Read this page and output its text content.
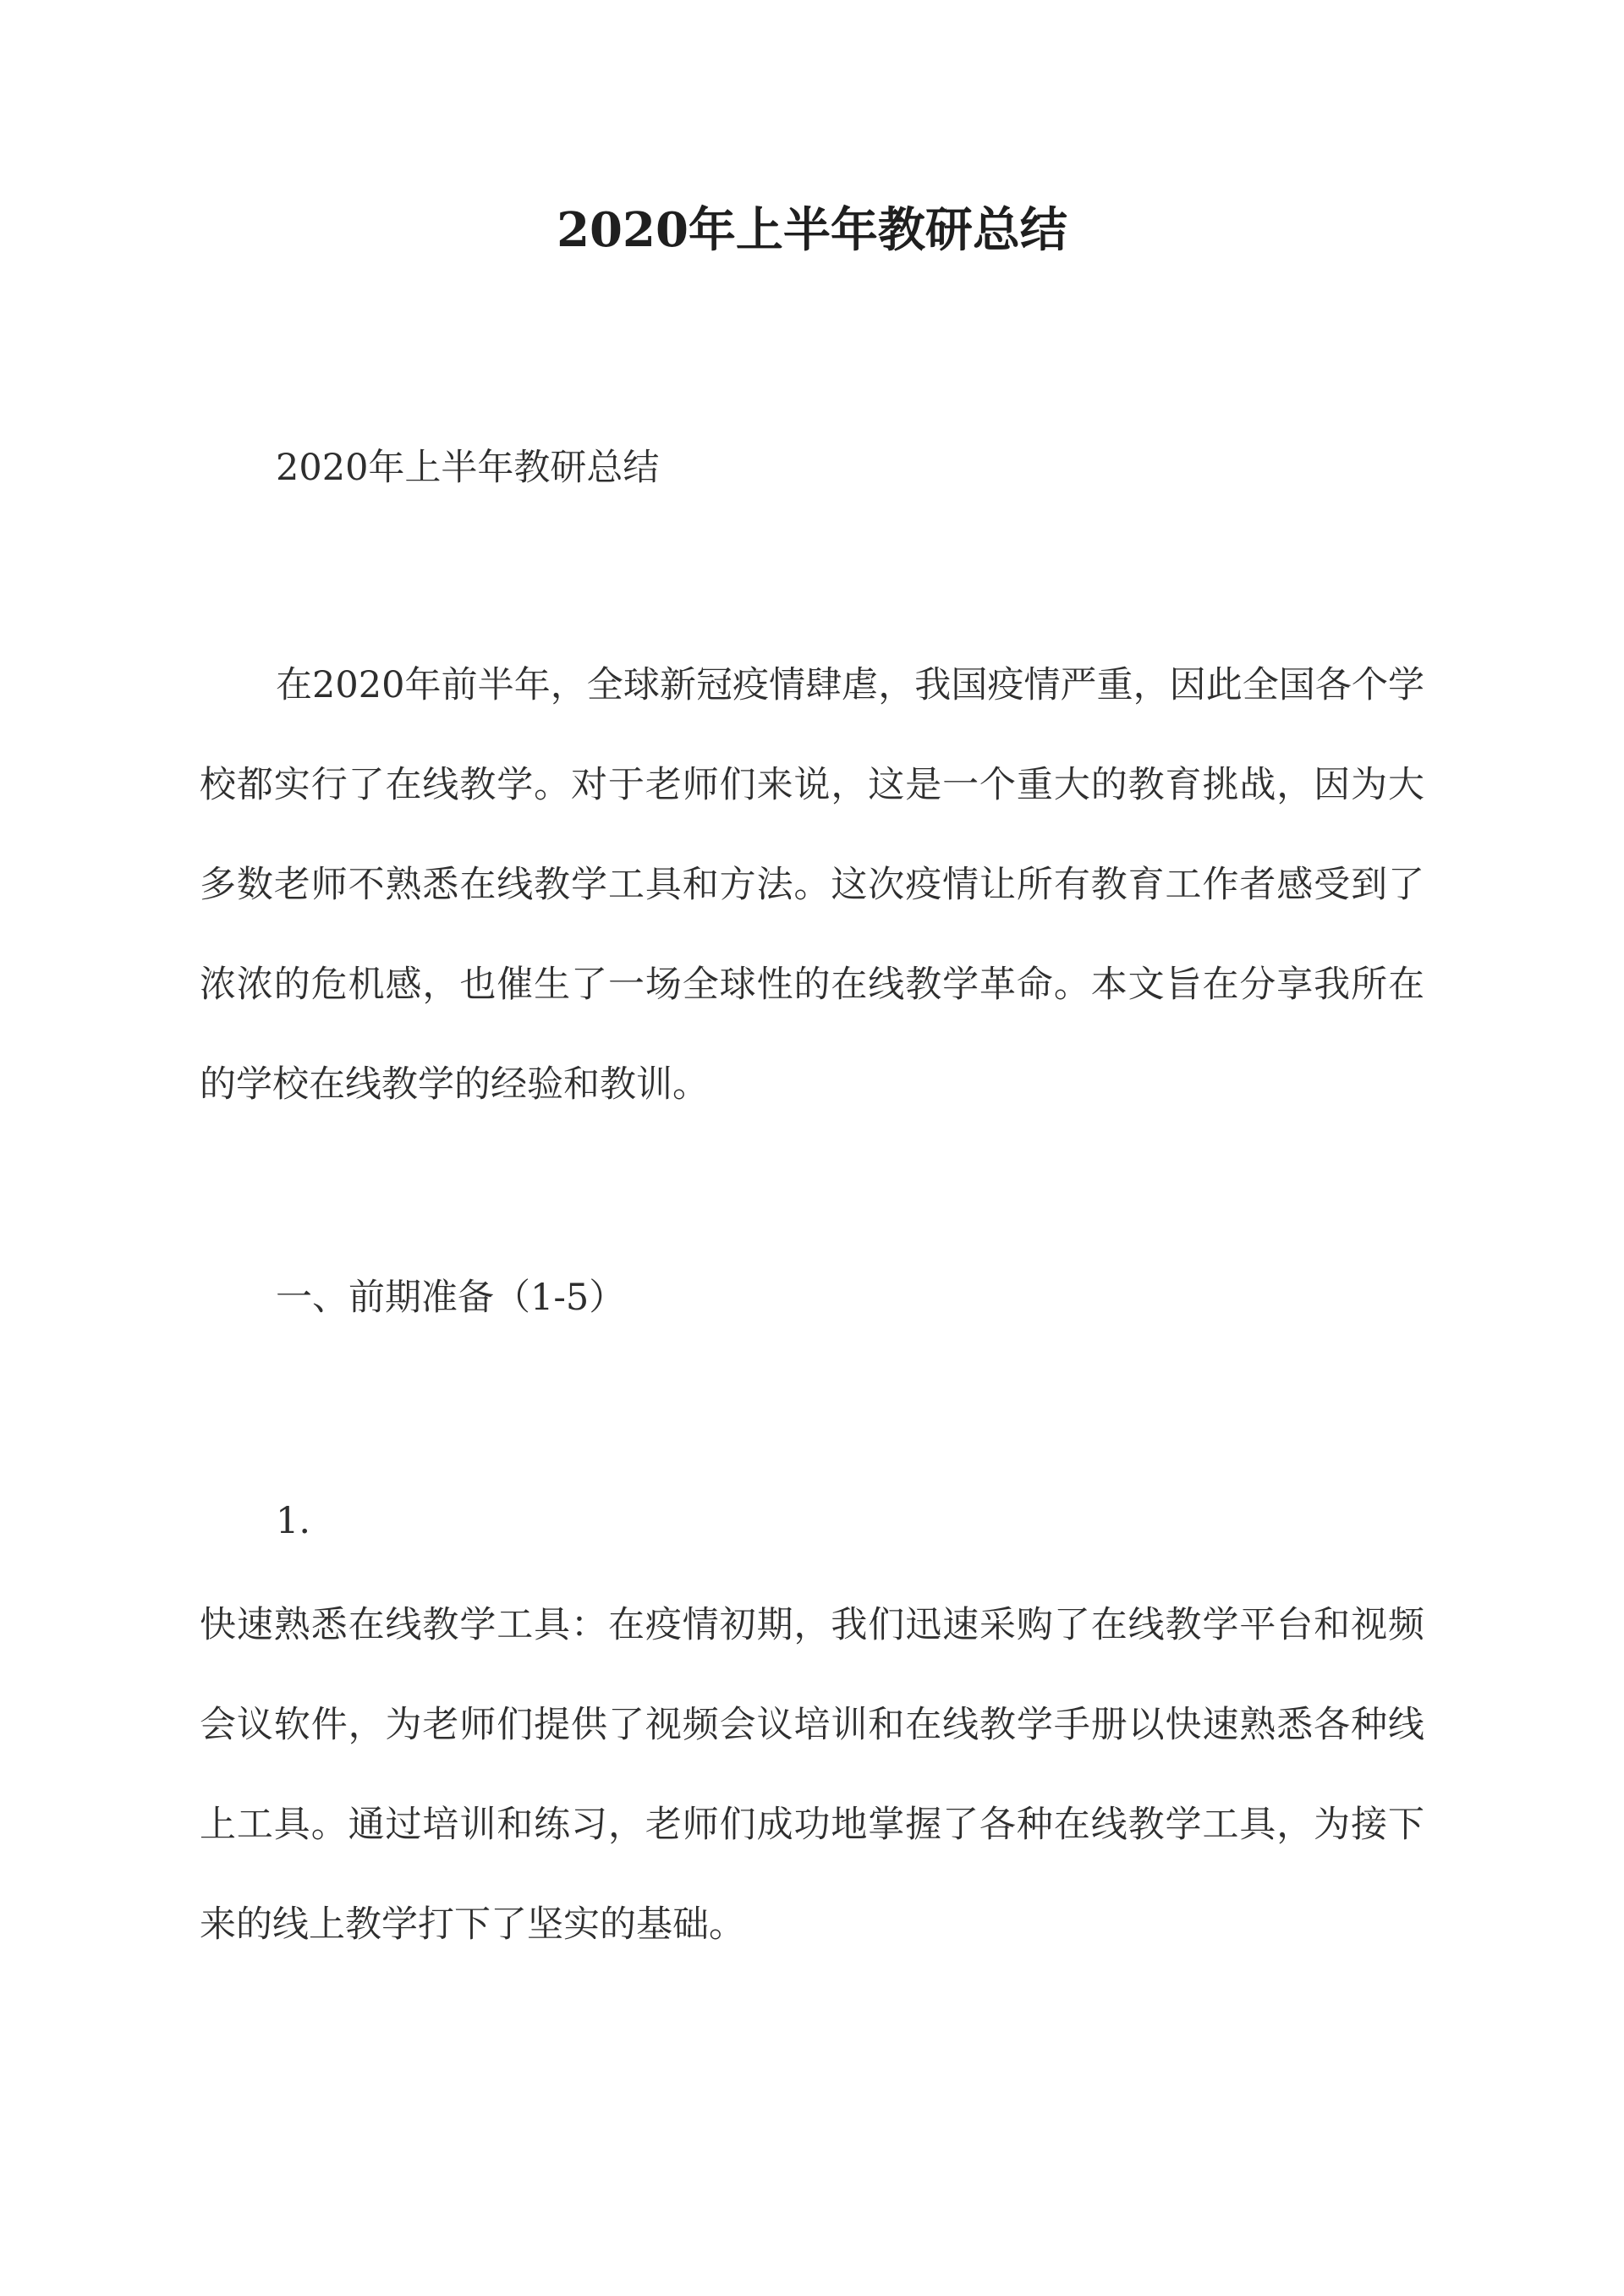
2020年上半年教研总结

2020年上半年教研总结

在2020年前半年，全球新冠疫情肆虐，我国疫情严重，因此全国各个学校都实行了在线教学。对于老师们来说，这是一个重大的教育挑战，因为大多数老师不熟悉在线教学工具和方法。这次疫情让所有教育工作者感受到了浓浓的危机感，也催生了一场全球性的在线教学革命。本文旨在分享我所在的学校在线教学的经验和教训。

一、前期准备（1-5）

1.

快速熟悉在线教学工具：在疫情初期，我们迅速采购了在线教学平台和视频会议软件，为老师们提供了视频会议培训和在线教学手册以快速熟悉各种线上工具。通过培训和练习，老师们成功地掌握了各种在线教学工具，为接下来的线上教学打下了坚实的基础。
